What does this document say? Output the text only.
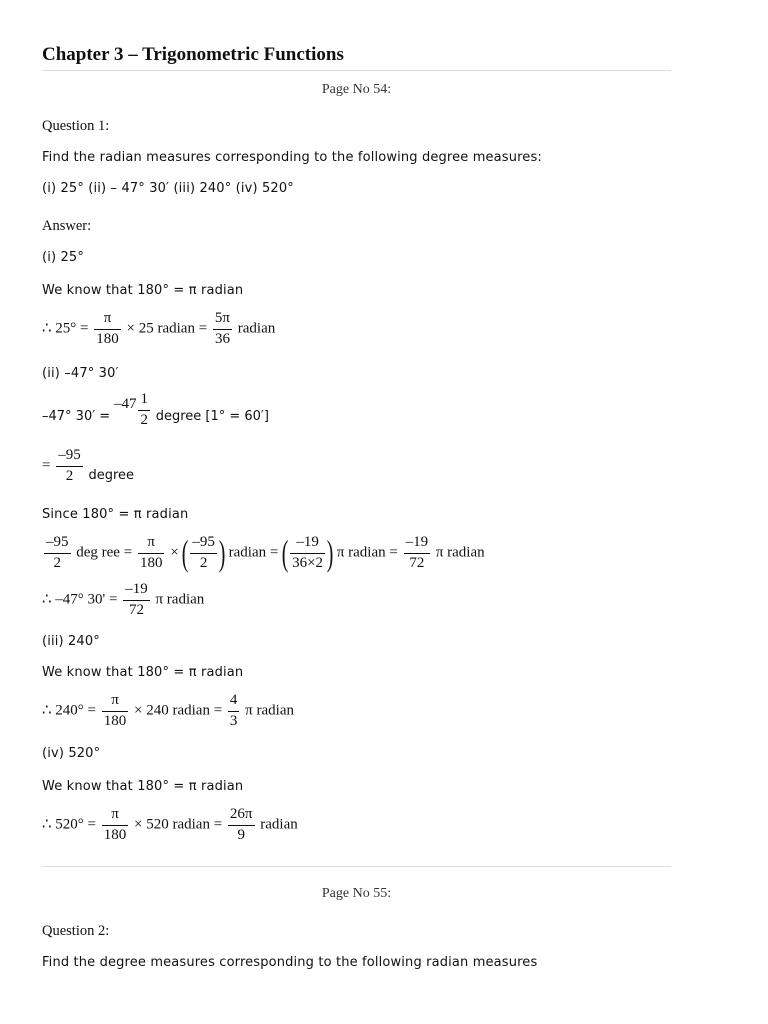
Chapter 3 – Trigonometric Functions
Page No 54:
Question 1:
Find the radian measures corresponding to the following degree measures:
(i) 25° (ii) – 47° 30′ (iii) 240° (iv) 520°
Answer:
(i) 25°
We know that 180° = π radian
∴ $25^\circ = \frac{\pi}{180} \times 25$ radian = $\frac{5\pi}{36}$ radian
(ii) –47° 30′
–47° $30' = -47 \frac{1}{2}$ degree [1° = 60′]
= $\frac{-95}{2}$ degree
Since 180° = π radian
$\frac{-95}{2}$ deg ree = $\frac{\pi}{180}$ × ( $\frac{-95}{2}$ ) radian = ( $\frac{-19}{36\times 2}$ ) π radian = $\frac{-19}{72}$ π radian
∴ –47° $30' = \frac{-19}{72}$ π radian
(iii) 240°
We know that 180° = π radian
∴ $240^\circ = \frac{\pi}{180} \times 240$ radian = $\frac{4}{3}$ π radian
(iv) 520°
We know that 180° = π radian
∴ $520^\circ = \frac{\pi}{180} \times 520$ radian = $\frac{26\pi}{9}$ radian
Page No 55:
Question 2:
Find the degree measures corresponding to the following radian measures
